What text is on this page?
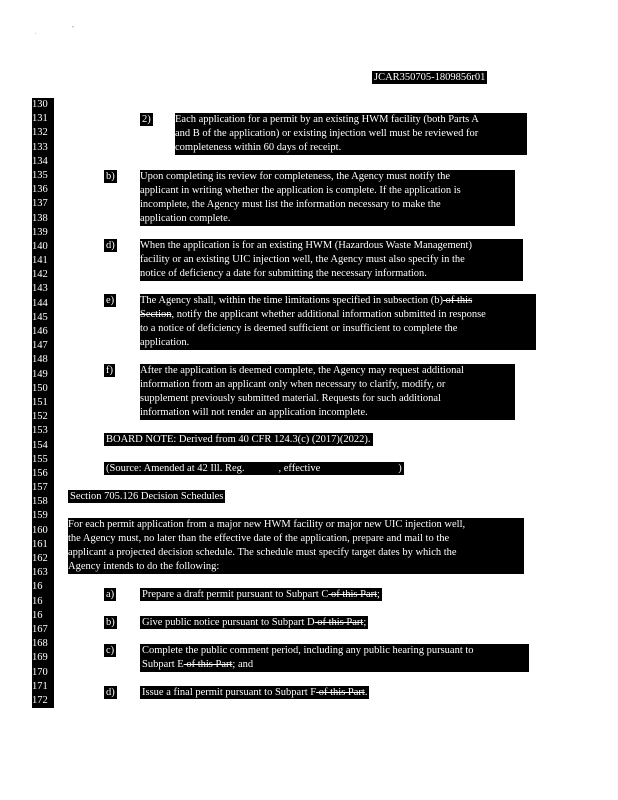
.
"
JCAR350705-1809856r01
130
131
132
133
134
135
136
137
138
139
140
141
142
143
144
145
146
147
148
149
150
151
152
153
154
155
156
157
158
159
160
161
162
163
16
16
16
167
168
169
170
171
172
2) Each application for a permit by an existing HWM facility (both Parts A
and B of the application) or existing injection well must be reviewed for
completeness within 60 days of receipt.
b) Upon completing its review for completeness, the Agency must notify the
applicant in writing whether the application is complete. If the application is
incomplete, the Agency must list the information necessary to make the
application complete.
d) When the application is for an existing HWM (Hazardous Waste Management)
facility or an existing UIC injection well, the Agency must also specify in the
notice of deficiency a date for submitting the necessary information.
e) The Agency shall, within the time limitations specified in subsection (b) of this
Section, notify the applicant whether additional information submitted in response
to a notice of deficiency is deemed sufficient or insufficient to complete the
application.
f)	After the application is deemed complete, the Agency may request additional
information from an applicant only when necessary to clarify, modify, or
supplement previously submitted material. Requests for such additional
information will not render an application incomplete.
BOARD NOTE: Derived from 40 CFR 124.3(c) (2017)(2022).
(Source: Amended at 42 Ill. Reg.	, effective	)
Section 705.126 Decision Schedules
For each permit application from a major new HWM facility or major new UIC injection well,
the Agency must, no later than the effective date of the application, prepare and mail to the
applicant a projected decision schedule. The schedule must specify target dates by which the
Agency intends to do the following:
a)	Prepare a draft permit pursuant to Subpart C of this Part;
b)	Give public notice pursuant to Subpart D of this Part;
c)	Complete the public comment period, including any public hearing pursuant to
Subpart E of this Part; and
d)	Issue a final permit pursuant to Subpart F of this Part.
